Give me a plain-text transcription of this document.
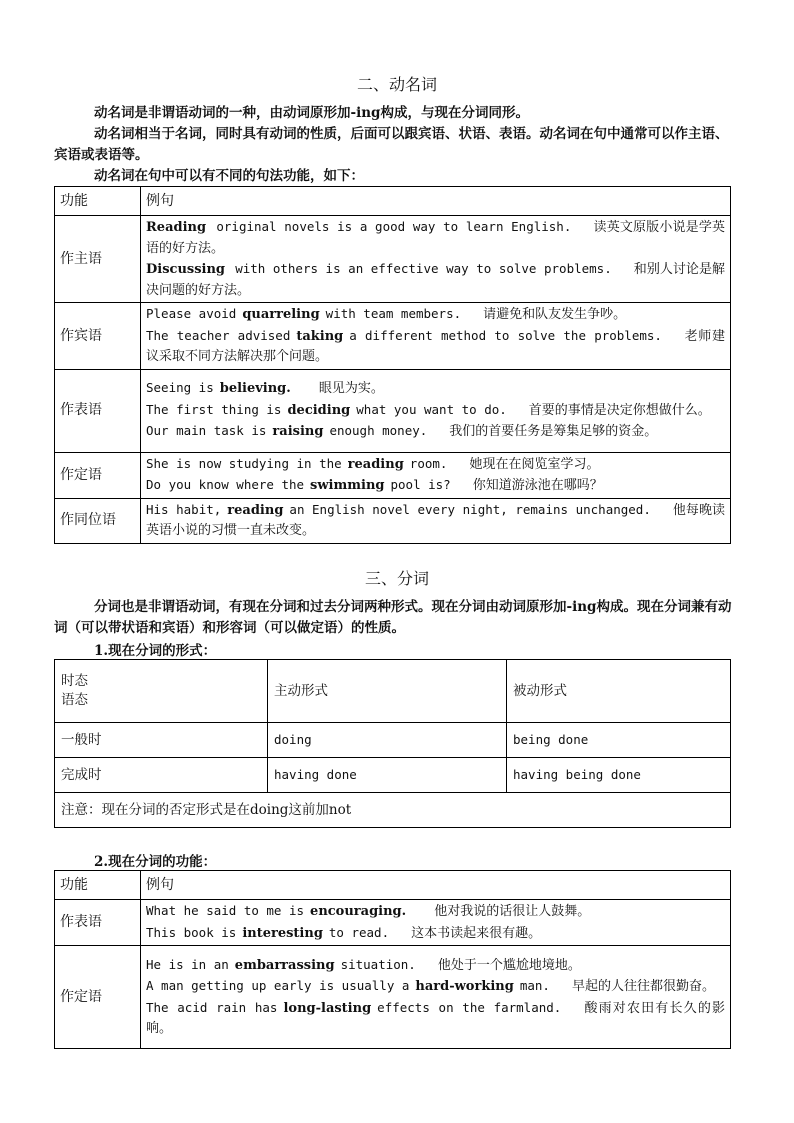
二、动名词

动名词是非谓语动词的一种，由动词原形加-ing构成，与现在分词同形。

动名词相当于名词，同时具有动词的性质，后面可以跟宾语、状语、表语。动名词在句中通常可以作主语、宾语或表语等。

动名词在句中可以有不同的句法功能，如下：

功能	例句
作主语	Reading original novels is a good way to learn English. 读英文原版小说是学英语的好方法。
Discussing with others is an effective way to solve problems. 和别人讨论是解决问题的好方法。

作宾语	Please avoid quarreling with team members. 请避免和队友发生争吵。
The teacher advised taking a different method to solve the problems. 老师建议采取不同方法解决那个问题。

作表语	Seeing is believing. 眼见为实。
The first thing is deciding what you want to do. 首要的事情是决定你想做什么。
Our main task is raising enough money. 我们的首要任务是筹集足够的资金。

作定语	She is now studying in the reading room. 她现在在阅览室学习。
Do you know where the swimming pool is? 你知道游泳池在哪吗？

作同位语	His habit, reading an English novel every night, remains unchanged. 他每晚读英语小说的习惯一直未改变。
三、分词

分词也是非谓语动词，有现在分词和过去分词两种形式。现在分词由动词原形加-ing构成。现在分词兼有动词（可以带状语和宾语）和形容词（可以做定语）的性质。

1.现在分词的形式：

时态
语态	主动形式	被动形式
一般时	doing	being done
完成时	having done	having being done
注意：现在分词的否定形式是在doing这前加not		

2.现在分词的功能：

功能	例句
作表语	What he said to me is encouraging. 他对我说的话很让人鼓舞。
This book is interesting to read. 这本书读起来很有趣。

作定语	He is in an embarrassing situation. 他处于一个尴尬地境地。
A man getting up early is usually a hard-working man. 早起的人往往都很勤奋。
The acid rain has long-lasting effects on the farmland. 酸雨对农田有长久的影响。
